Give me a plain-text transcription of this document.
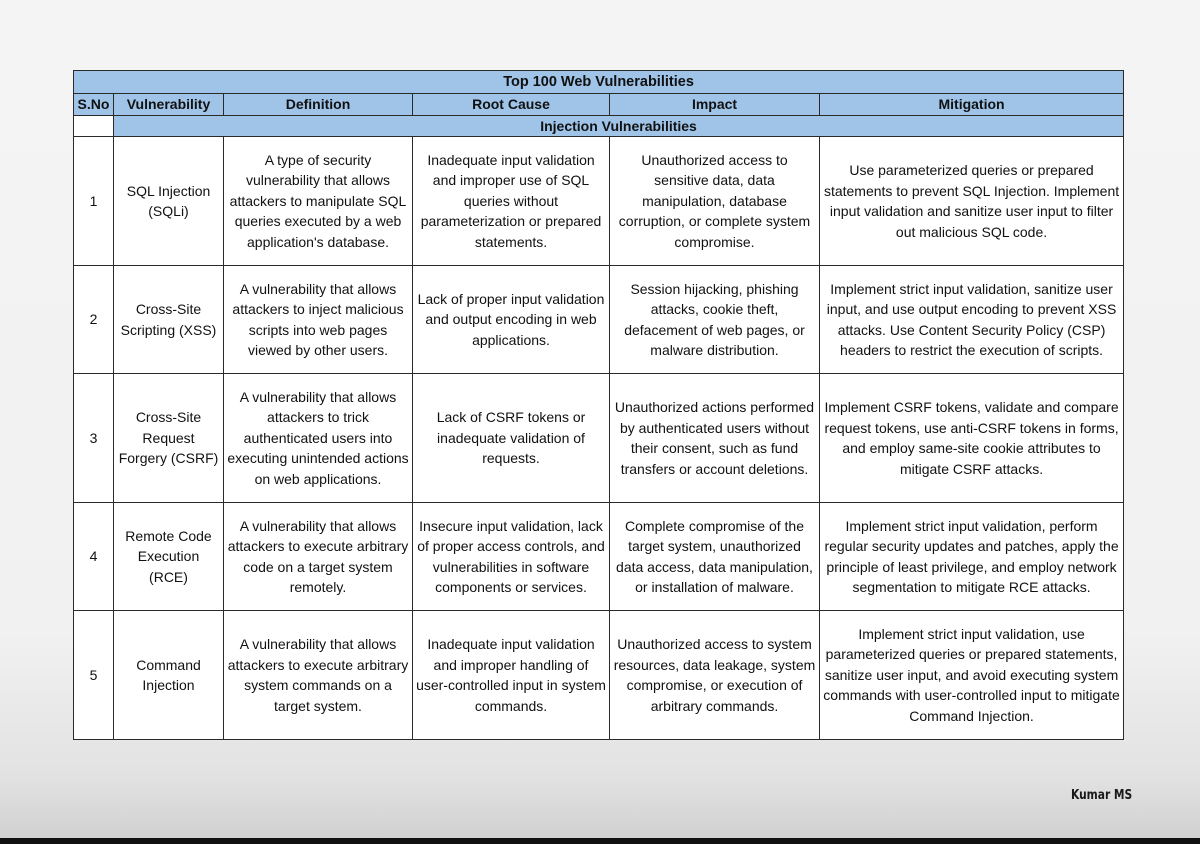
Top 100 Web Vulnerabilities					
S.No	Vulnerability	Definition	Root Cause	Impact	Mitigation
	Injection Vulnerabilities				
1	SQL Injection (SQLi)	A type of security vulnerability that allows attackers to manipulate SQL queries executed by a web application's database.	Inadequate input validation and improper use of SQL queries without parameterization or prepared statements.	Unauthorized access to sensitive data, data manipulation, database corruption, or complete system compromise.	Use parameterized queries or prepared statements to prevent SQL Injection. Implement input validation and sanitize user input to filter out malicious SQL code.
2	Cross-Site Scripting (XSS)	A vulnerability that allows attackers to inject malicious scripts into web pages viewed by other users.	Lack of proper input validation and output encoding in web applications.	Session hijacking, phishing attacks, cookie theft, defacement of web pages, or malware distribution.	Implement strict input validation, sanitize user input, and use output encoding to prevent XSS attacks. Use Content Security Policy (CSP) headers to restrict the execution of scripts.
3	Cross-Site Request Forgery (CSRF)	A vulnerability that allows attackers to trick authenticated users into executing unintended actions on web applications.	Lack of CSRF tokens or inadequate validation of requests.	Unauthorized actions performed by authenticated users without their consent, such as fund transfers or account deletions.	Implement CSRF tokens, validate and compare request tokens, use anti-CSRF tokens in forms, and employ same-site cookie attributes to mitigate CSRF attacks.
4	Remote Code Execution (RCE)	A vulnerability that allows attackers to execute arbitrary code on a target system remotely.	Insecure input validation, lack of proper access controls, and vulnerabilities in software components or services.	Complete compromise of the target system, unauthorized data access, data manipulation, or installation of malware.	Implement strict input validation, perform regular security updates and patches, apply the principle of least privilege, and employ network segmentation to mitigate RCE attacks.
5	Command Injection	A vulnerability that allows attackers to execute arbitrary system commands on a target system.	Inadequate input validation and improper handling of user-controlled input in system commands.	Unauthorized access to system resources, data leakage, system compromise, or execution of arbitrary commands.	Implement strict input validation, use parameterized queries or prepared statements, sanitize user input, and avoid executing system commands with user-controlled input to mitigate Command Injection.
Kumar MS
